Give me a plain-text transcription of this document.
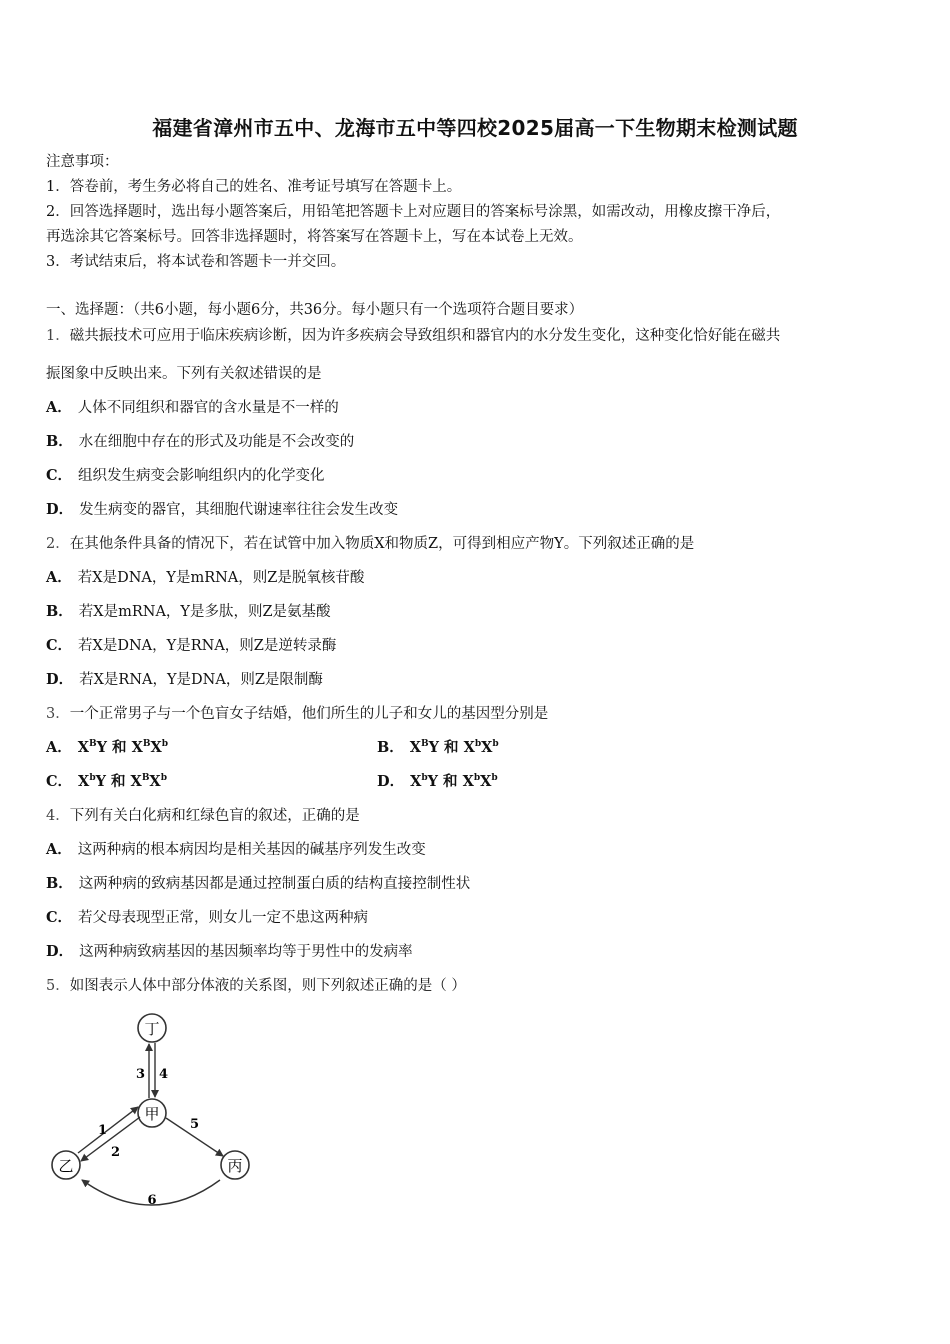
福建省漳州市五中、龙海市五中等四校2025届高一下生物期末检测试题
注意事项：
1．答卷前，考生务必将自己的姓名、准考证号填写在答题卡上。
2．回答选择题时，选出每小题答案后，用铅笔把答题卡上对应题目的答案标号涂黑，如需改动，用橡皮擦干净后，
再选涂其它答案标号。回答非选择题时，将答案写在答题卡上，写在本试卷上无效。
3．考试结束后，将本试卷和答题卡一并交回。
一、选择题：（共6小题，每小题6分，共36分。每小题只有一个选项符合题目要求）
1．磁共振技术可应用于临床疾病诊断，因为许多疾病会导致组织和器官内的水分发生变化，这种变化恰好能在磁共
振图象中反映出来。下列有关叙述错误的是
A． 人体不同组织和器官的含水量是不一样的
B． 水在细胞中存在的形式及功能是不会改变的
C． 组织发生病变会影响组织内的化学变化
D． 发生病变的器官，其细胞代谢速率往往会发生改变
2．在其他条件具备的情况下，若在试管中加入物质X和物质Z，可得到相应产物Y。下列叙述正确的是
A． 若X是DNA，Y是mRNA，则Z是脱氧核苷酸
B． 若X是mRNA，Y是多肽，则Z是氨基酸
C． 若X是DNA，Y是RNA，则Z是逆转录酶
D． 若X是RNA，Y是DNA，则Z是限制酶
3．一个正常男子与一个色盲女子结婚，他们所生的儿子和女儿的基因型分别是
A． $X^BY$ 和 $X^BX^b$	B． $X^BY$ 和 $X^bX^b$
C． $X^bY$ 和 $X^BX^b$	D． $X^bY$ 和 $X^bX^b$
4．下列有关白化病和红绿色盲的叙述，正确的是
A． 这两种病的根本病因均是相关基因的碱基序列发生改变
B． 这两种病的致病基因都是通过控制蛋白质的结构直接控制性状
C． 若父母表现型正常，则女儿一定不患这两种病
D． 这两种病致病基因的基因频率均等于男性中的发病率
5．如图表示人体中部分体液的关系图，则下列叙述正确的是（ ）
丁
甲
乙	丙
3 4
1
2
5
6
